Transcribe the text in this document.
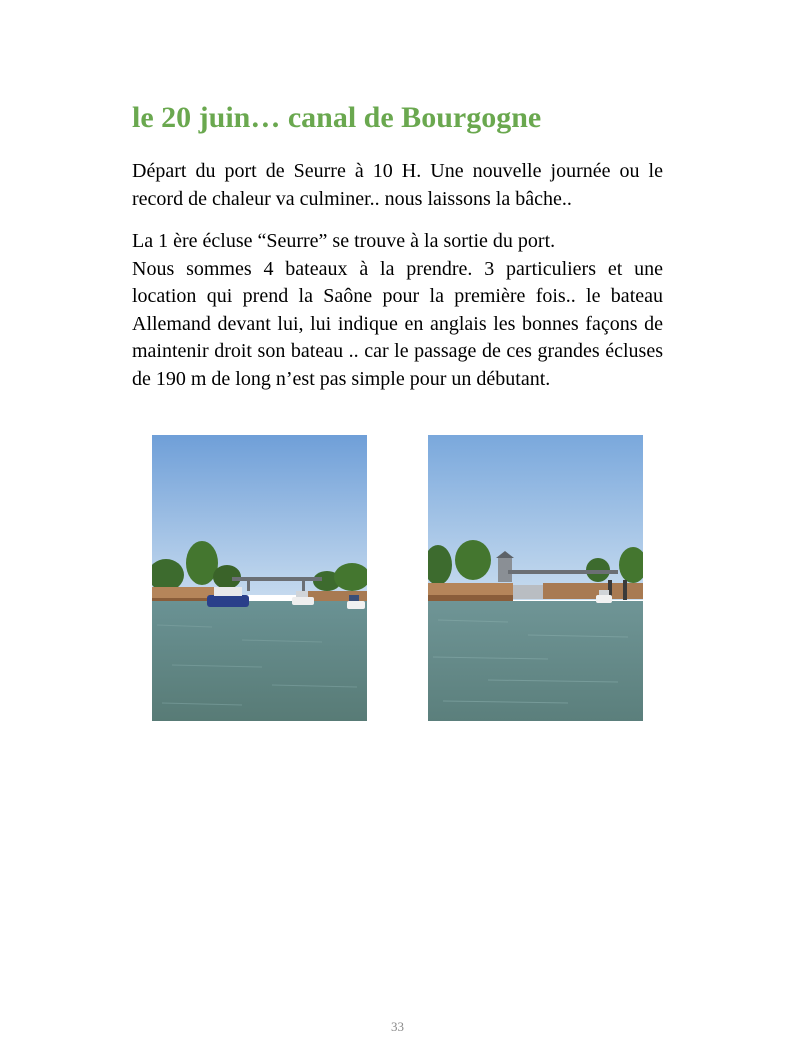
le 20 juin… canal de Bourgogne
Départ du port de Seurre à 10 H. Une nouvelle journée ou le record de chaleur va culminer.. nous laissons la bâche..
La 1 ère écluse “Seurre” se trouve à la sortie du port.
Nous sommes 4 bateaux à la prendre. 3 particuliers et une location qui prend la Saône pour la première fois.. le bateau Allemand devant lui, lui indique en anglais les bonnes façons de maintenir droit son bateau .. car le passage de ces grandes écluses de 190 m de long n’est pas simple pour un débutant.
33
